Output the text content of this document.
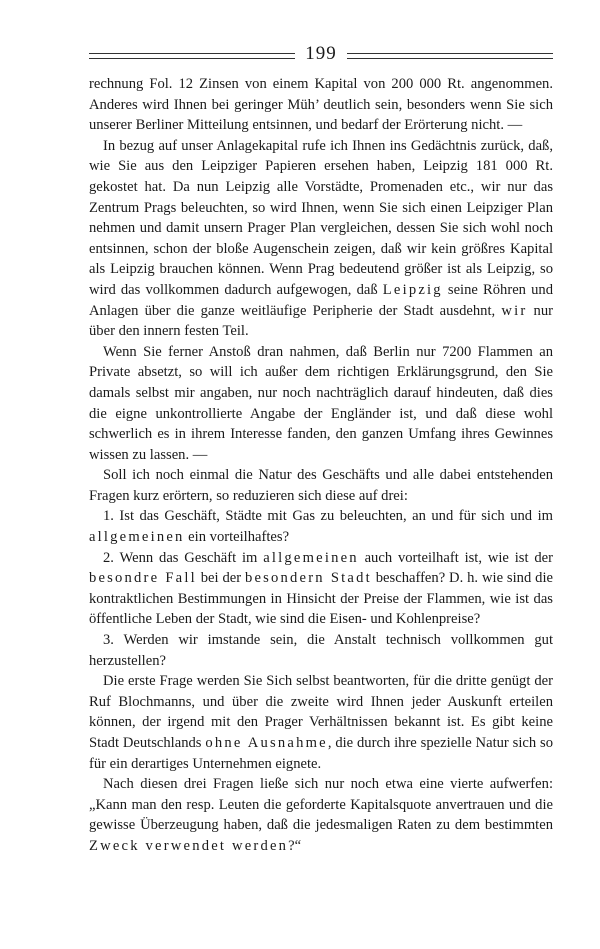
199

rechnung Fol. 12 Zinsen von einem Kapital von 200 000 Rt. angenommen. Anderes wird Ihnen bei geringer Müh’ deutlich sein, besonders wenn Sie sich unserer Berliner Mitteilung entsinnen, und bedarf der Erörterung nicht. —

In bezug auf unser Anlagekapital rufe ich Ihnen ins Gedächtnis zurück, daß, wie Sie aus den Leipziger Papieren ersehen haben, Leipzig 181 000 Rt. gekostet hat. Da nun Leipzig alle Vorstädte, Promenaden etc., wir nur das Zentrum Prags beleuchten, so wird Ihnen, wenn Sie sich einen Leipziger Plan nehmen und damit unsern Prager Plan vergleichen, dessen Sie sich wohl noch entsinnen, schon der bloße Augenschein zeigen, daß wir kein größres Kapital als Leipzig brauchen können. Wenn Prag bedeutend größer ist als Leipzig, so wird das vollkommen dadurch aufgewogen, daß Leipzig seine Röhren und Anlagen über die ganze weitläufige Peripherie der Stadt ausdehnt, wir nur über den innern festen Teil.

Wenn Sie ferner Anstoß dran nahmen, daß Berlin nur 7200 Flammen an Private absetzt, so will ich außer dem richtigen Erklärungsgrund, den Sie damals selbst mir angaben, nur noch nachträglich darauf hindeuten, daß dies die eigne unkontrollierte Angabe der Engländer ist, und daß diese wohl schwerlich es in ihrem Interesse fanden, den ganzen Umfang ihres Gewinnes wissen zu lassen. —

Soll ich noch einmal die Natur des Geschäfts und alle dabei entstehenden Fragen kurz erörtern, so reduzieren sich diese auf drei:

1. Ist das Geschäft, Städte mit Gas zu beleuchten, an und für sich und im allgemeinen ein vorteilhaftes?

2. Wenn das Geschäft im allgemeinen auch vorteilhaft ist, wie ist der besondre Fall bei der besondern Stadt beschaffen? D. h. wie sind die kontraktlichen Bestimmungen in Hinsicht der Preise der Flammen, wie ist das öffentliche Leben der Stadt, wie sind die Eisen- und Kohlenpreise?

3. Werden wir imstande sein, die Anstalt technisch vollkommen gut herzustellen?

Die erste Frage werden Sie Sich selbst beantworten, für die dritte genügt der Ruf Blochmanns, und über die zweite wird Ihnen jeder Auskunft erteilen können, der irgend mit den Prager Verhältnissen bekannt ist. Es gibt keine Stadt Deutschlands ohne Ausnahme, die durch ihre spezielle Natur sich so für ein derartiges Unternehmen eignete.

Nach diesen drei Fragen ließe sich nur noch etwa eine vierte aufwerfen: „Kann man den resp. Leuten die geforderte Kapitalsquote anvertrauen und die gewisse Überzeugung haben, daß die jedesmaligen Raten zu dem bestimmten Zweck verwendet werden?“
